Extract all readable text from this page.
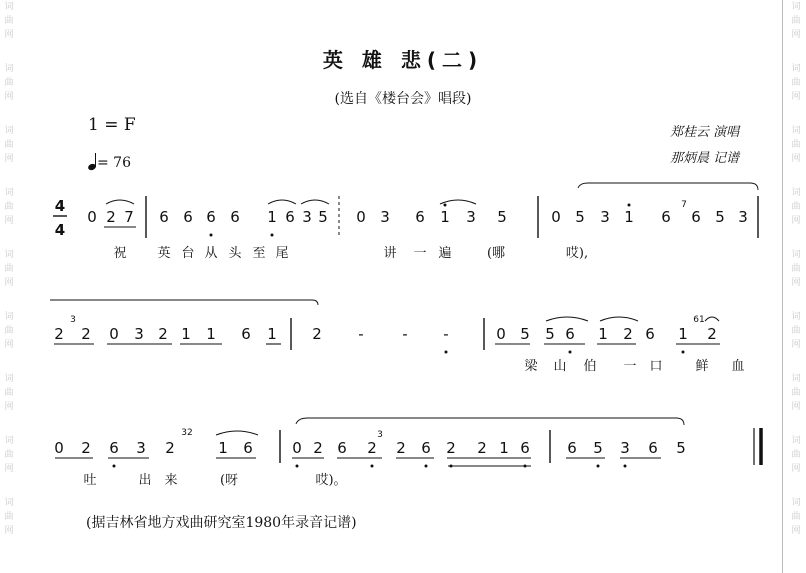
词
曲
网
词
曲
网
词
曲
网
词
曲
网
词
曲
网
词
曲
网
词
曲
网
词
曲
网
词
曲
网
词
曲
网
词
曲
网
词
曲
网
词
曲
网
词
曲
网
词
曲
网
词
曲
网
词
曲
网
词
曲
网
英 雄 悲(二)
(选自《楼台会》唱段)
1 = F
= 76
郑桂云 演唱
那炳晨 记谱
(据吉林省地方戏曲研究室1980年录音记谱)
4
4
0 2 7 6 6 6 6 1 6 3 5 0 3 6 1 3 5	0 5 3 1 6 6 5 3
7
祝 英 台 从 头 至 尾	讲 一 遍	(哪	哎),
2 2 0 3 2 1 1 6 1 2 -	- -	0 5 5 6 1 2 6 1 2
3	61
梁 山 伯 一 口	鲜 血
0 2 6 3 2	1 6	0 2 6 2 2 6 2 2 1 6 6 5 3 6 5
32	3
吐	出 来	(呀	哎)。
